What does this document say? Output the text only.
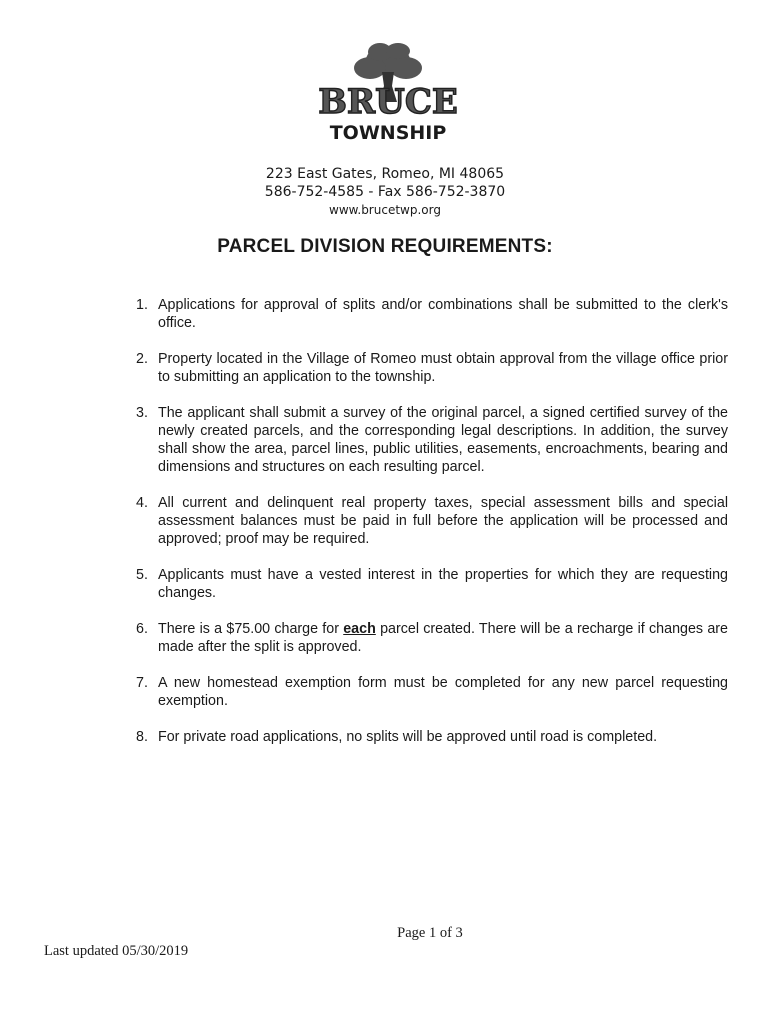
BRUCE
TOWNSHIP
223 East Gates, Romeo, MI 48065
586-752-4585 - Fax 586-752-3870
www.brucetwp.org
PARCEL DIVISION REQUIREMENTS:
1. Applications for approval of splits and/or combinations shall be submitted to the clerk's office.
2. Property located in the Village of Romeo must obtain approval from the village office prior to submitting an application to the township.
3. The applicant shall submit a survey of the original parcel, a signed certified survey of the newly created parcels, and the corresponding legal descriptions. In addition, the survey shall show the area, parcel lines, public utilities, easements, encroachments, bearing and dimensions and structures on each resulting parcel.
4. All current and delinquent real property taxes, special assessment bills and special assessment balances must be paid in full before the application will be processed and approved; proof may be required.
5. Applicants must have a vested interest in the properties for which they are requesting changes.
6. There is a $75.00 charge for each parcel created. There will be a recharge if changes are made after the split is approved.
7. A new homestead exemption form must be completed for any new parcel requesting exemption.
8. For private road applications, no splits will be approved until road is completed.
Page 1 of 3
Last updated 05/30/2019
